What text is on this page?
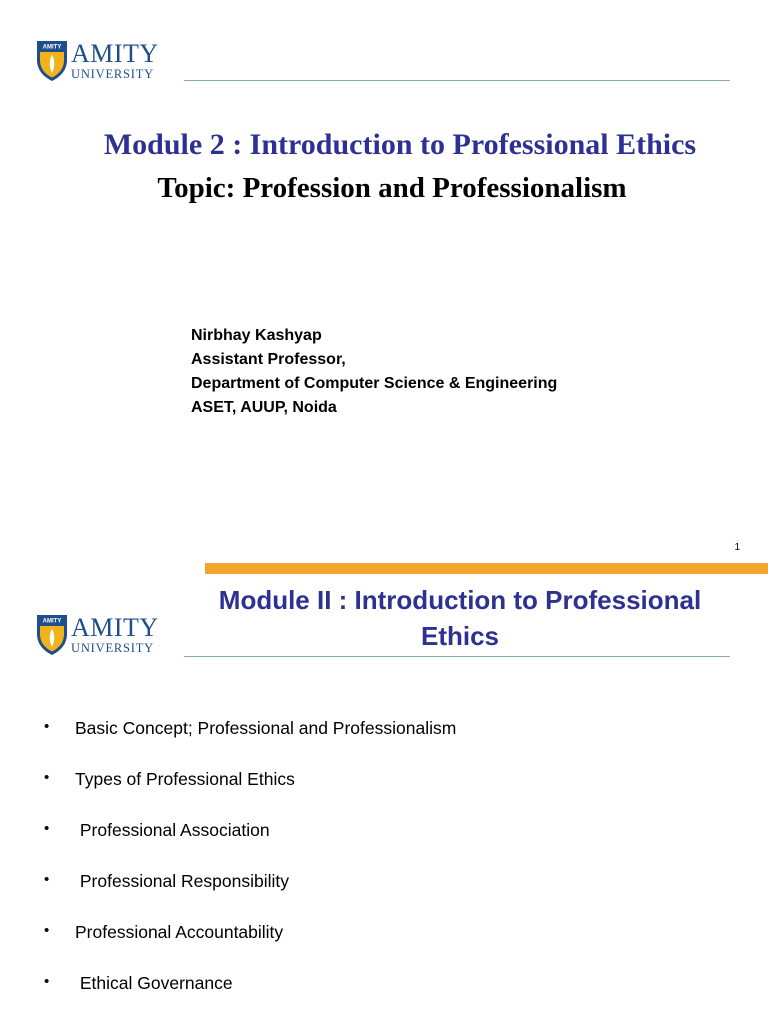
AMITY AMITY
UNIVERSITY
Module 2 : Introduction to Professional Ethics
Topic: Profession and Professionalism
Nirbhay Kashyap
Assistant Professor,
Department of Computer Science & Engineering
ASET, AUUP, Noida
1
AMITY AMITY
UNIVERSITY
Module II : Introduction to Professional
Ethics
• Basic Concept; Professional and Professionalism
• Types of Professional Ethics
• Professional Association
• Professional Responsibility
• Professional Accountability
• Ethical Governance
